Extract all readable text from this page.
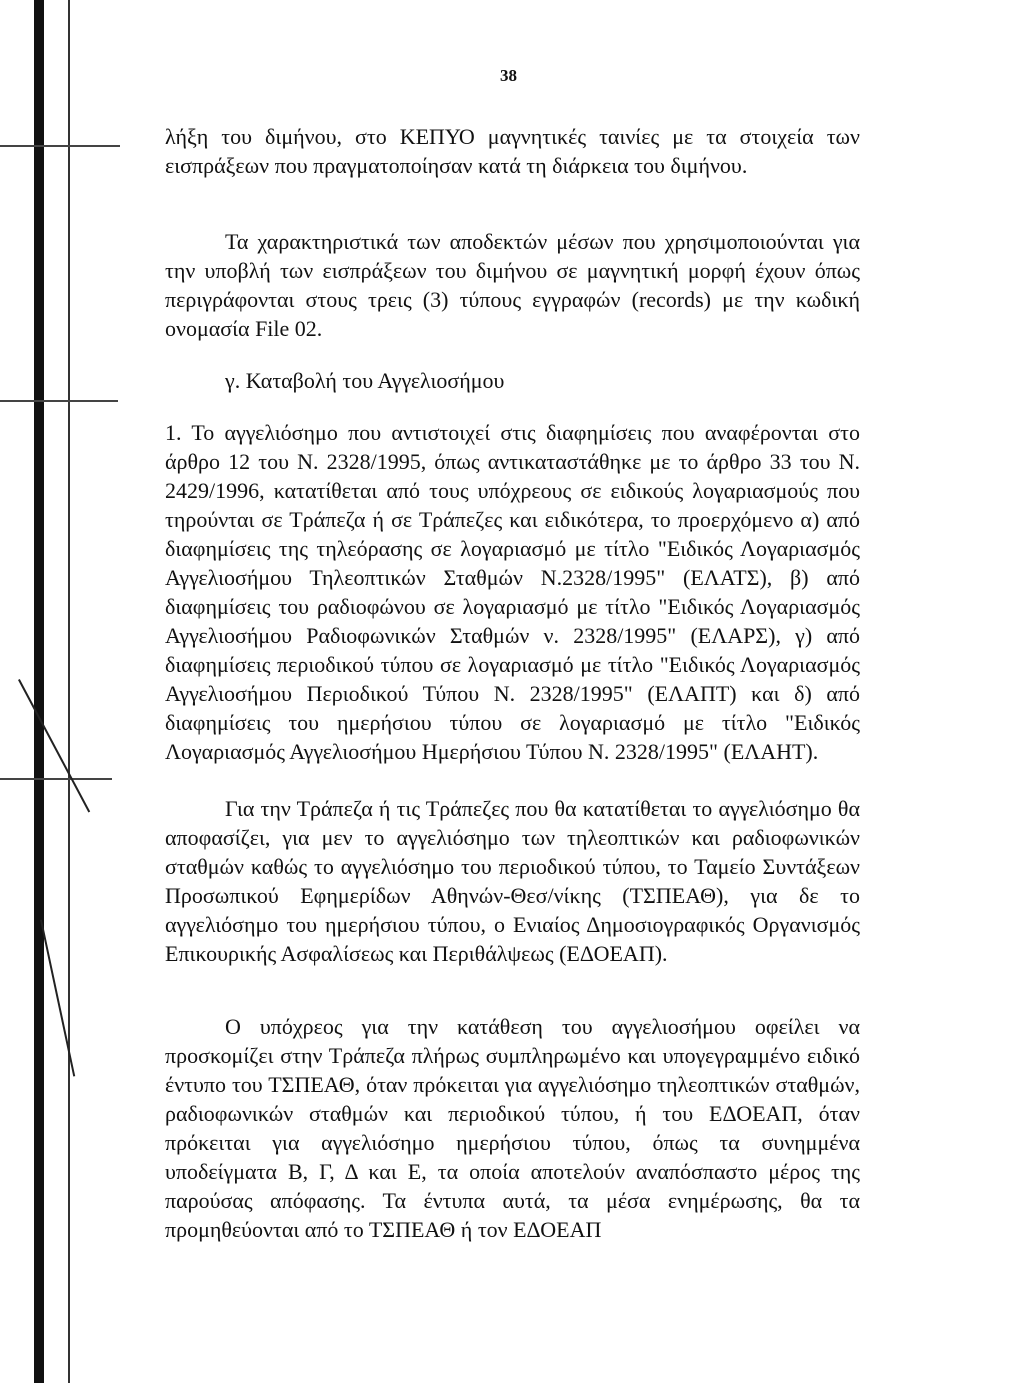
38

λήξη του διμήνου, στο ΚΕΠΥΟ μαγνητικές ταινίες με τα στοιχεία των εισπράξεων που πραγματοποίησαν κατά τη διάρκεια του διμήνου.

Τα χαρακτηριστικά των αποδεκτών μέσων που χρησιμοποιούνται για την υποβλή των εισπράξεων του διμήνου σε μαγνητική μορφή έχουν όπως περιγράφονται στους τρεις (3) τύπους εγγραφών (records) με την κωδική ονομασία File 02.

γ. Καταβολή του Αγγελιοσήμου

1. Το αγγελιόσημο που αντιστοιχεί στις διαφημίσεις που αναφέρονται στο άρθρο 12 του Ν. 2328/1995, όπως αντικαταστάθηκε με το άρθρο 33 του Ν. 2429/1996, κατατίθεται από τους υπόχρεους σε ειδικούς λογαριασμούς που τηρούνται σε Τράπεζα ή σε Τράπεζες και ειδικότερα, το προερχόμενο α) από διαφημίσεις της τηλεόρασης σε λογαριασμό με τίτλο "Ειδικός Λογαριασμός Αγγελιοσήμου Τηλεοπτικών Σταθμών Ν.2328/1995" (ΕΛΑΤΣ), β) από διαφημίσεις του ραδιοφώνου σε λογαριασμό με τίτλο "Ειδικός Λογαριασμός Αγγελιοσήμου Ραδιοφωνικών Σταθμών ν. 2328/1995" (ΕΛΑΡΣ), γ) από διαφημίσεις περιοδικού τύπου σε λογαριασμό με τίτλο "Ειδικός Λογαριασμός Αγγελιοσήμου Περιοδικού Τύπου Ν. 2328/1995" (ΕΛΑΠΤ) και δ) από διαφημίσεις του ημερήσιου τύπου σε λογαριασμό με τίτλο "Ειδικός Λογαριασμός Αγγελιοσήμου Ημερήσιου Τύπου Ν. 2328/1995" (ΕΛΑΗΤ).

Για την Τράπεζα ή τις Τράπεζες που θα κατατίθεται το αγγελιόσημο θα αποφασίζει, για μεν το αγγελιόσημο των τηλεοπτικών και ραδιοφωνικών σταθμών καθώς το αγγελιόσημο του περιοδικού τύπου, το Ταμείο Συντάξεων Προσωπικού Εφημερίδων Αθηνών-Θεσ/νίκης (ΤΣΠΕΑΘ), για δε το αγγελιόσημο του ημερήσιου τύπου, ο Ενιαίος Δημοσιογραφικός Οργανισμός Επικουρικής Ασφαλίσεως και Περιθάλψεως (ΕΔΟΕΑΠ).

Ο υπόχρεος για την κατάθεση του αγγελιοσήμου οφείλει να προσκομίζει στην Τράπεζα πλήρως συμπληρωμένο και υπογεγραμμένο ειδικό έντυπο του ΤΣΠΕΑΘ, όταν πρόκειται για αγγελιόσημο τηλεοπτικών σταθμών, ραδιοφωνικών σταθμών και περιοδικού τύπου, ή του ΕΔΟΕΑΠ, όταν πρόκειται για αγγελιόσημο ημερήσιου τύπου, όπως τα συνημμένα υποδείγματα Β, Γ, Δ και Ε, τα οποία αποτελούν αναπόσπαστο μέρος της παρούσας απόφασης. Τα έντυπα αυτά, τα μέσα ενημέρωσης, θα τα προμηθεύονται από το ΤΣΠΕΑΘ ή τον ΕΔΟΕΑΠ
